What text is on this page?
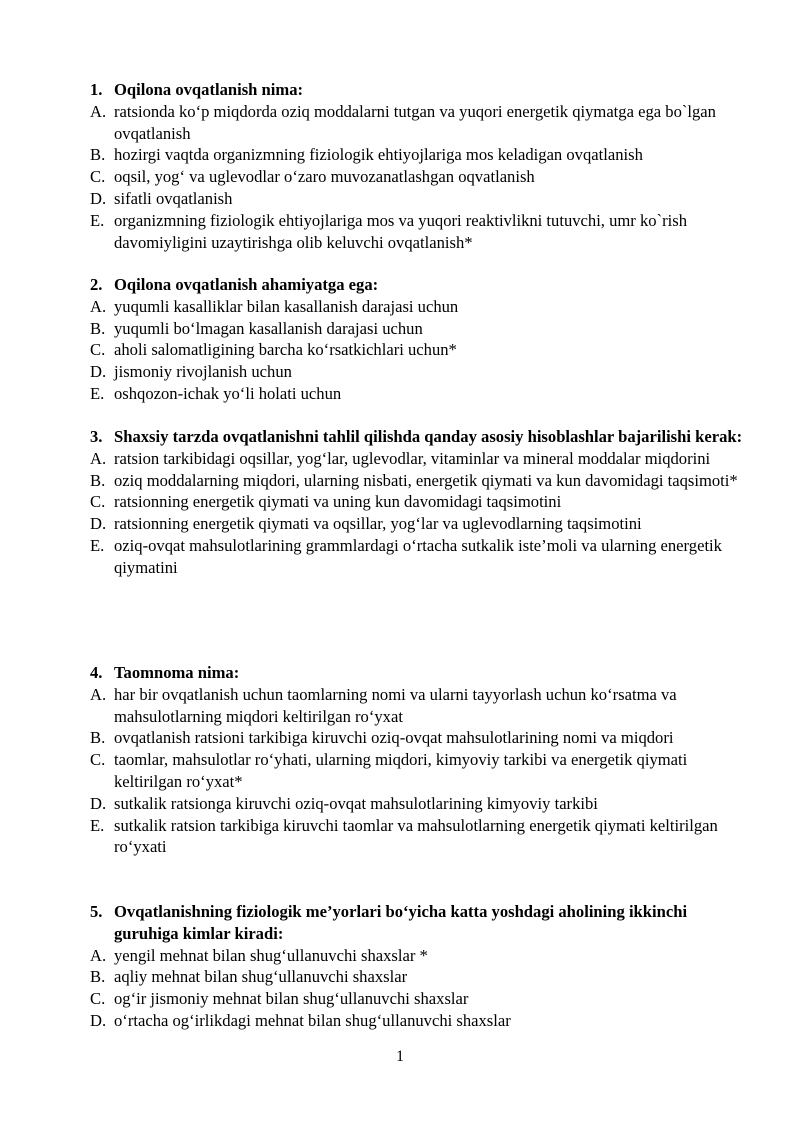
1. Oqilona ovqatlanish nima:
A. ratsionda ko‘p miqdorda oziq moddalarni tutgan va yuqori energetik qiymatga ega bo`lgan ovqatlanish
B. hozirgi vaqtda organizmning fiziologik ehtiyojlariga mos keladigan ovqatlanish
C. oqsil, yog‘ va uglevodlar o‘zaro muvozanatlashgan oqvatlanish
D. sifatli ovqatlanish
E. organizmning fiziologik ehtiyojlariga mos va yuqori reaktivlikni tutuvchi, umr ko`rish davomiyligini uzaytirishga olib keluvchi ovqatlanish*
2. Oqilona ovqatlanish ahamiyatga ega:
A. yuqumli kasalliklar bilan kasallanish darajasi uchun
B. yuqumli bo‘lmagan kasallanish darajasi uchun
C. aholi salomatligining barcha ko‘rsatkichlari uchun*
D. jismoniy rivojlanish uchun
E. oshqozon-ichak yo‘li holati uchun
3. Shaxsiy tarzda ovqatlanishni tahlil qilishda qanday asosiy hisoblashlar bajarilishi kerak:
A. ratsion tarkibidagi oqsillar, yog‘lar, uglevodlar, vitaminlar va mineral moddalar miqdorini
B. oziq moddalarning miqdori, ularning nisbati, energetik qiymati va kun davomidagi taqsimoti*
C. ratsionning energetik qiymati va uning kun davomidagi taqsimotini
D. ratsionning energetik qiymati va oqsillar, yog‘lar va uglevodlarning taqsimotini
E. oziq-ovqat mahsulotlarining grammlardagi o‘rtacha sutkalik iste’moli va ularning energetik qiymatini
4. Taomnoma nima:
A. har bir ovqatlanish uchun taomlarning nomi va ularni tayyorlash uchun ko‘rsatma va mahsulotlarning miqdori keltirilgan ro‘yxat
B. ovqatlanish ratsioni tarkibiga kiruvchi oziq-ovqat mahsulotlarining nomi va miqdori
C. taomlar, mahsulotlar ro‘yhati, ularning miqdori, kimyoviy tarkibi va energetik qiymati keltirilgan ro‘yxat*
D. sutkalik ratsionga kiruvchi oziq-ovqat mahsulotlarining kimyoviy tarkibi
E. sutkalik ratsion tarkibiga kiruvchi taomlar va mahsulotlarning energetik qiymati keltirilgan ro‘yxati
5. Ovqatlanishning fiziologik me’yorlari bo‘yicha katta yoshdagi aholining ikkinchi guruhiga kimlar kiradi:
A. yengil mehnat bilan shug‘ullanuvchi shaxslar *
B. aqliy mehnat bilan shug‘ullanuvchi shaxslar
C. og‘ir jismoniy mehnat bilan shug‘ullanuvchi shaxslar
D. o‘rtacha og‘irlikdagi mehnat bilan shug‘ullanuvchi shaxslar
1
